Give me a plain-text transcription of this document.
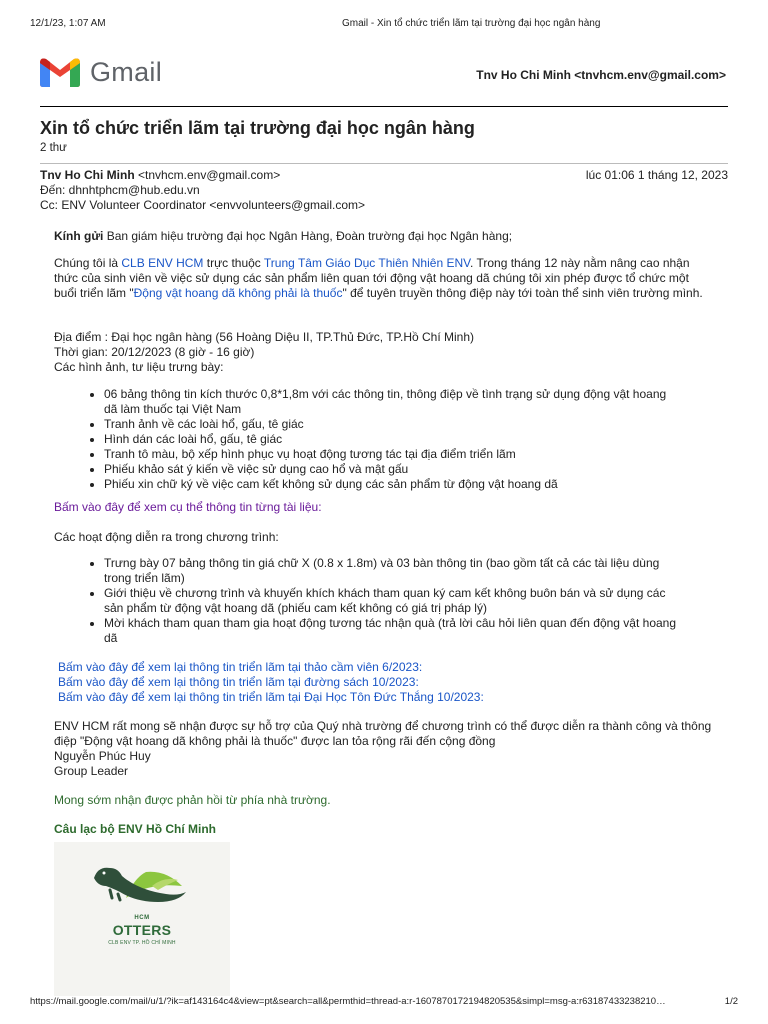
12/1/23, 1:07 AM	Gmail - Xin tổ chức triển lãm tại trường đại học ngân hàng
Gmail	Tnv Ho Chi Minh <tnvhcm.env@gmail.com>
Xin tổ chức triển lãm tại trường đại học ngân hàng
2 thư
Tnv Ho Chi Minh <tnvhcm.env@gmail.com>
Đến: dhnhtphcm@hub.edu.vn
Cc: ENV Volunteer Coordinator <envvolunteers@gmail.com>
lúc 01:06 1 tháng 12, 2023
Kính gửi Ban giám hiệu trường đại học Ngân Hàng, Đoàn trường đại học Ngân hàng;

Chúng tôi là CLB ENV HCM trực thuộc Trung Tâm Giáo Dục Thiên Nhiên ENV. Trong tháng 12 này nằm nâng cao nhận thức của sinh viên về việc sử dụng các sản phẩm liên quan tới động vật hoang dã chúng tôi xin phép được tổ chức một buổi triển lãm "Động vật hoang dã không phải là thuốc" để tuyên truyền thông điệp này tới toàn thể sinh viên trường mình.

Địa điểm : Đại học ngân hàng (56 Hoàng Diệu II, TP.Thủ Đức, TP.Hồ Chí Minh)
Thời gian: 20/12/2023 (8 giờ - 16 giờ)
Các hình ảnh, tư liệu trưng bày:
06 bảng thông tin kích thước 0,8*1,8m với các thông tin, thông điệp về tình trạng sử dụng động vật hoang dã làm thuốc tại Việt Nam
Tranh ảnh về các loài hổ, gấu, tê giác
Hình dán các loài hổ, gấu, tê giác
Tranh tô màu, bộ xếp hình phục vụ hoạt động tương tác tại địa điểm triển lãm
Phiếu khảo sát ý kiến về việc sử dụng cao hổ và mật gấu
Phiếu xin chữ ký về việc cam kết không sử dụng các sản phẩm từ động vật hoang dã
Bấm vào đây để xem cụ thể thông tin từng tài liệu:
Các hoạt động diễn ra trong chương trình:
Trưng bày 07 bảng thông tin giá chữ X (0.8 x 1.8m) và 03 bàn thông tin (bao gồm tất cả các tài liệu dùng trong triển lãm)
Giới thiệu về chương trình và khuyến khích khách tham quan ký cam kết không buôn bán và sử dụng các sản phẩm từ động vật hoang dã (phiếu cam kết không có giá trị pháp lý)
Mời khách tham quan tham gia hoạt động tương tác nhận quà (trả lời câu hỏi liên quan đến động vật hoang dã
Bấm vào đây để xem lại thông tin triển lãm tại thảo cầm viên 6/2023:
Bấm vào đây để xem lại thông tin triển lãm tại đường sách 10/2023:
Bấm vào đây để xem lại thông tin triển lãm tại Đại Học Tôn Đức Thắng 10/2023:
ENV HCM rất mong sẽ nhận được sự hỗ trợ của Quý nhà trường để chương trình có thể được diễn ra thành công và thông điệp "Động vật hoang dã không phải là thuốc" được lan tỏa rộng rãi đến cộng đồng
Nguyễn Phúc Huy
Group Leader
Mong sớm nhận được phản hồi từ phía nhà trường.
Câu lạc bộ ENV Hồ Chí Minh
HCM
OTTERS
CLB ENV TP. HỒ CHÍ MINH
https://mail.google.com/mail/u/1/?ik=af143164c4&view=pt&search=all&permthid=thread-a:r-1607870172194820535&simpl=msg-a:r63187433238210…	1/2
